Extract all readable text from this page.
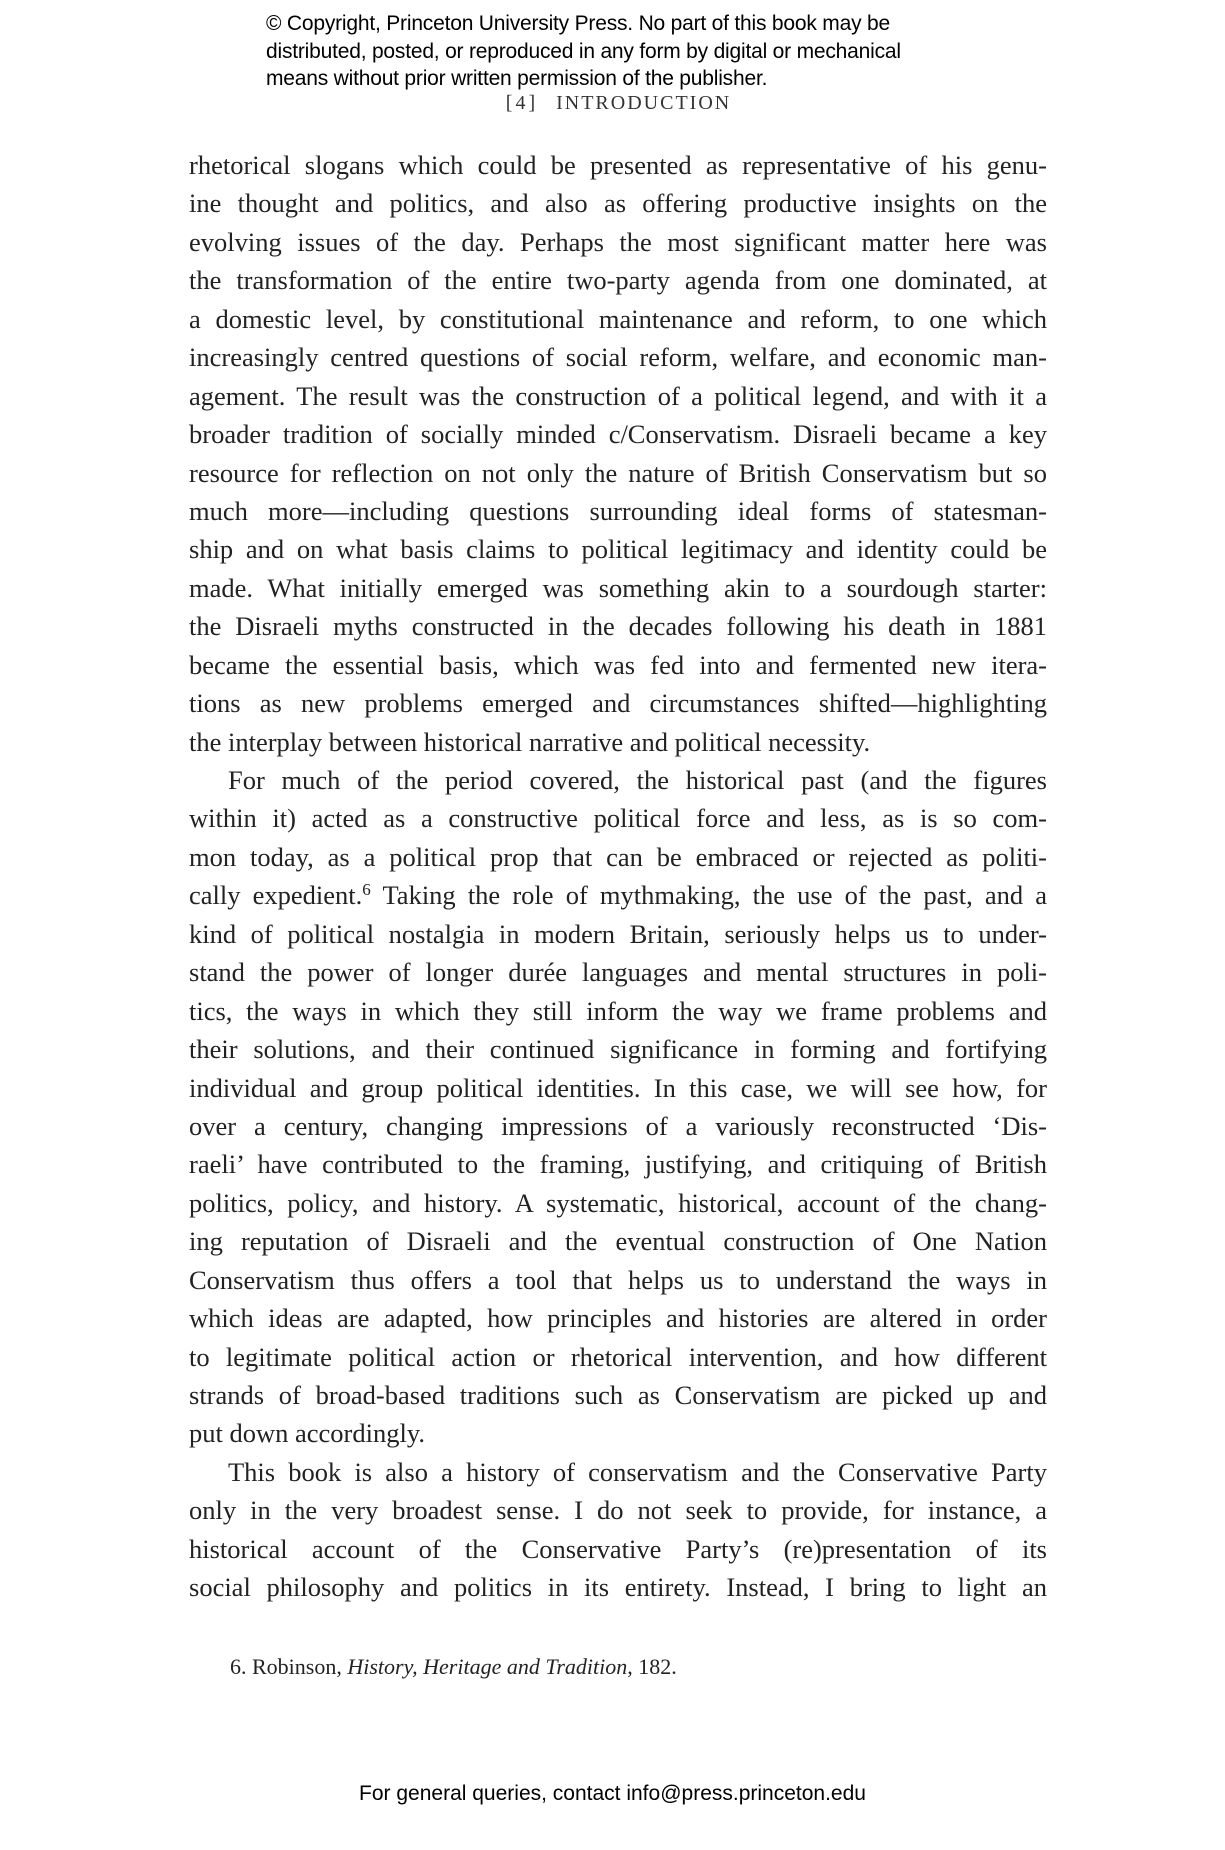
© Copyright, Princeton University Press. No part of this book may be
distributed, posted, or reproduced in any form by digital or mechanical
means without prior written permission of the publisher.
[4] INTRODUCTION
rhetorical slogans which could be presented as representative of his genu-
ine thought and politics, and also as offering productive insights on the
evolving issues of the day. Perhaps the most significant matter here was
the transformation of the entire two-party agenda from one dominated, at
a domestic level, by constitutional maintenance and reform, to one which
increasingly centred questions of social reform, welfare, and economic man-
agement. The result was the construction of a political legend, and with it a
broader tradition of socially minded c/Conservatism. Disraeli became a key
resource for reflection on not only the nature of British Conservatism but so
much more—including questions surrounding ideal forms of statesman-
ship and on what basis claims to political legitimacy and identity could be
made. What initially emerged was something akin to a sourdough starter:
the Disraeli myths constructed in the decades following his death in 1881
became the essential basis, which was fed into and fermented new itera-
tions as new problems emerged and circumstances shifted—highlighting
the interplay between historical narrative and political necessity.
For much of the period covered, the historical past (and the figures
within it) acted as a constructive political force and less, as is so com-
mon today, as a political prop that can be embraced or rejected as politi-
cally expedient.$^6$ Taking the role of mythmaking, the use of the past, and a
kind of political nostalgia in modern Britain, seriously helps us to under-
stand the power of longer durée languages and mental structures in poli-
tics, the ways in which they still inform the way we frame problems and
their solutions, and their continued significance in forming and fortifying
individual and group political identities. In this case, we will see how, for
over a century, changing impressions of a variously reconstructed ‘Dis-
raeli’ have contributed to the framing, justifying, and critiquing of British
politics, policy, and history. A systematic, historical, account of the chang-
ing reputation of Disraeli and the eventual construction of One Nation
Conservatism thus offers a tool that helps us to understand the ways in
which ideas are adapted, how principles and histories are altered in order
to legitimate political action or rhetorical intervention, and how different
strands of broad-based traditions such as Conservatism are picked up and
put down accordingly.
This book is also a history of conservatism and the Conservative Party
only in the very broadest sense. I do not seek to provide, for instance, a
historical account of the Conservative Party’s (re)presentation of its
social philosophy and politics in its entirety. Instead, I bring to light an
6. Robinson, History, Heritage and Tradition, 182.
For general queries, contact info@press.princeton.edu
